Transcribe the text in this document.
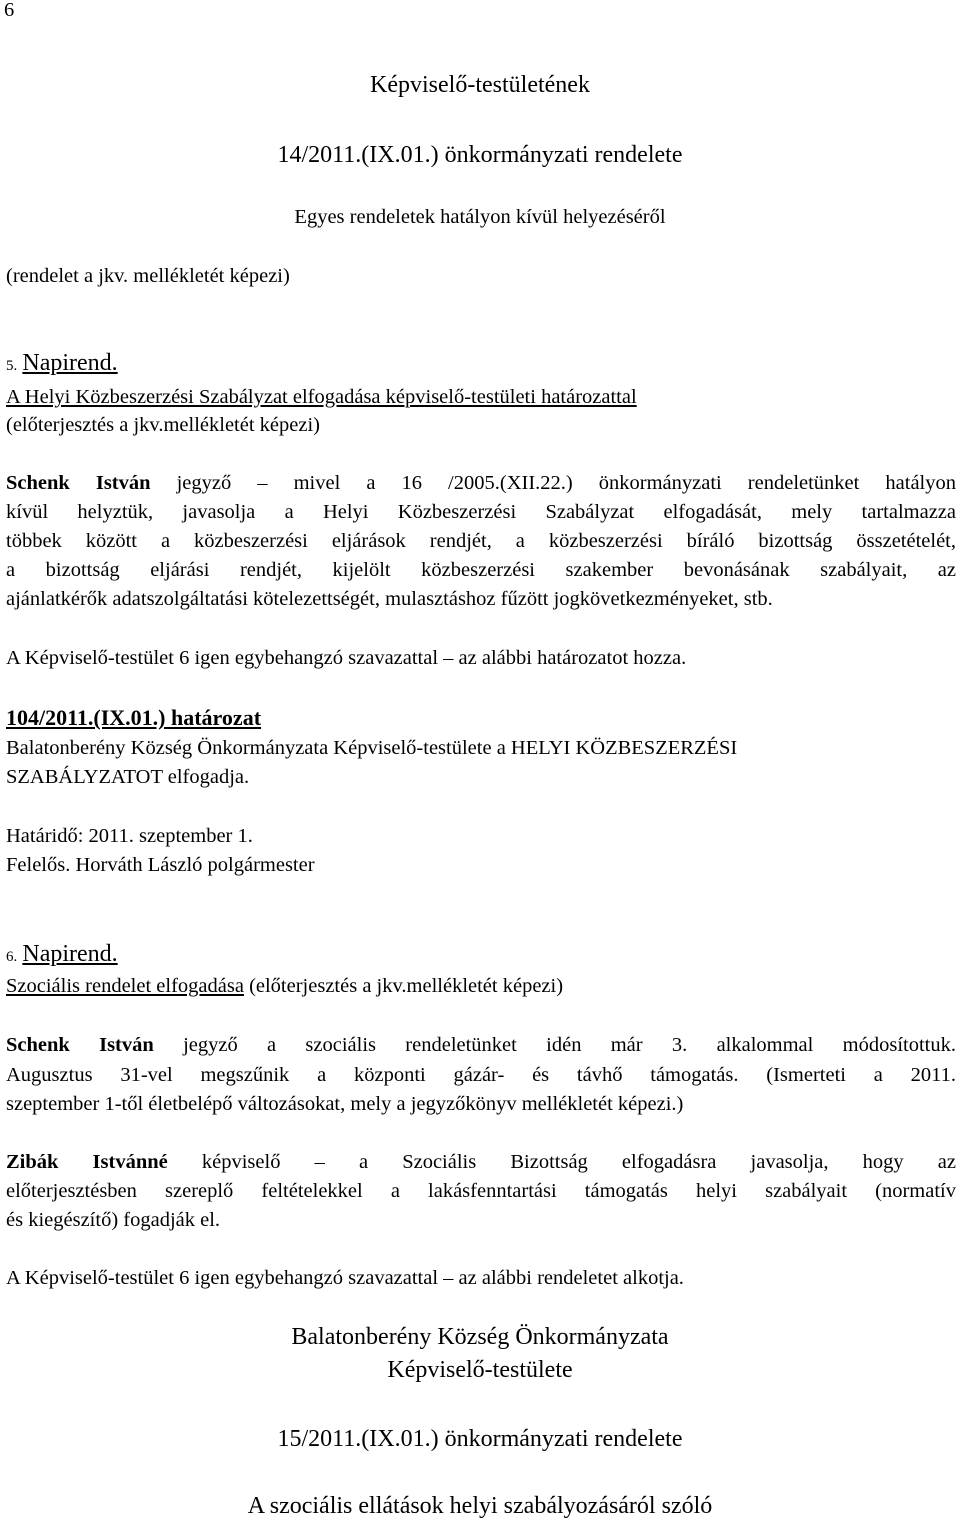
6
Képviselő-testületének
14/2011.(IX.01.) önkormányzati rendelete
Egyes rendeletek hatályon kívül helyezéséről
(rendelet a jkv. mellékletét képezi)
5. Napirend.
A Helyi Közbeszerzési Szabályzat elfogadása képviselő-testületi határozattal
(előterjesztés a jkv.mellékletét képezi)
Schenk István jegyző – mivel a 16 /2005.(XII.22.) önkormányzati rendeletünket hatályon
kívül helyztük, javasolja a Helyi Közbeszerzési Szabályzat elfogadását, mely tartalmazza
többek között a közbeszerzési eljárások rendjét, a közbeszerzési bíráló bizottság összetételét,
a bizottság eljárási rendjét, kijelölt közbeszerzési szakember bevonásának szabályait, az
ajánlatkérők adatszolgáltatási kötelezettségét, mulasztáshoz fűzött jogkövetkezményeket, stb.
A Képviselő-testület 6 igen egybehangzó szavazattal – az alábbi határozatot hozza.
104/2011.(IX.01.) határozat
Balatonberény Község Önkormányzata Képviselő-testülete a HELYI KÖZBESZERZÉSI
SZABÁLYZATOT elfogadja.
Határidő: 2011. szeptember 1.
Felelős. Horváth László polgármester
6. Napirend.
Szociális rendelet elfogadása (előterjesztés a jkv.mellékletét képezi)
Schenk István jegyző a szociális rendeletünket idén már 3. alkalommal módosítottuk.
Augusztus 31-vel megszűnik a központi gázár- és távhő támogatás. (Ismerteti a 2011.
szeptember 1-től életbelépő változásokat, mely a jegyzőkönyv mellékletét képezi.)
Zibák Istvánné képviselő – a Szociális Bizottság elfogadásra javasolja, hogy az
előterjesztésben szereplő feltételekkel a lakásfenntartási támogatás helyi szabályait (normatív
és kiegészítő) fogadják el.
A Képviselő-testület 6 igen egybehangzó szavazattal – az alábbi rendeletet alkotja.
Balatonberény Község Önkormányzata
Képviselő-testülete
15/2011.(IX.01.) önkormányzati rendelete
A szociális ellátások helyi szabályozásáról szóló
